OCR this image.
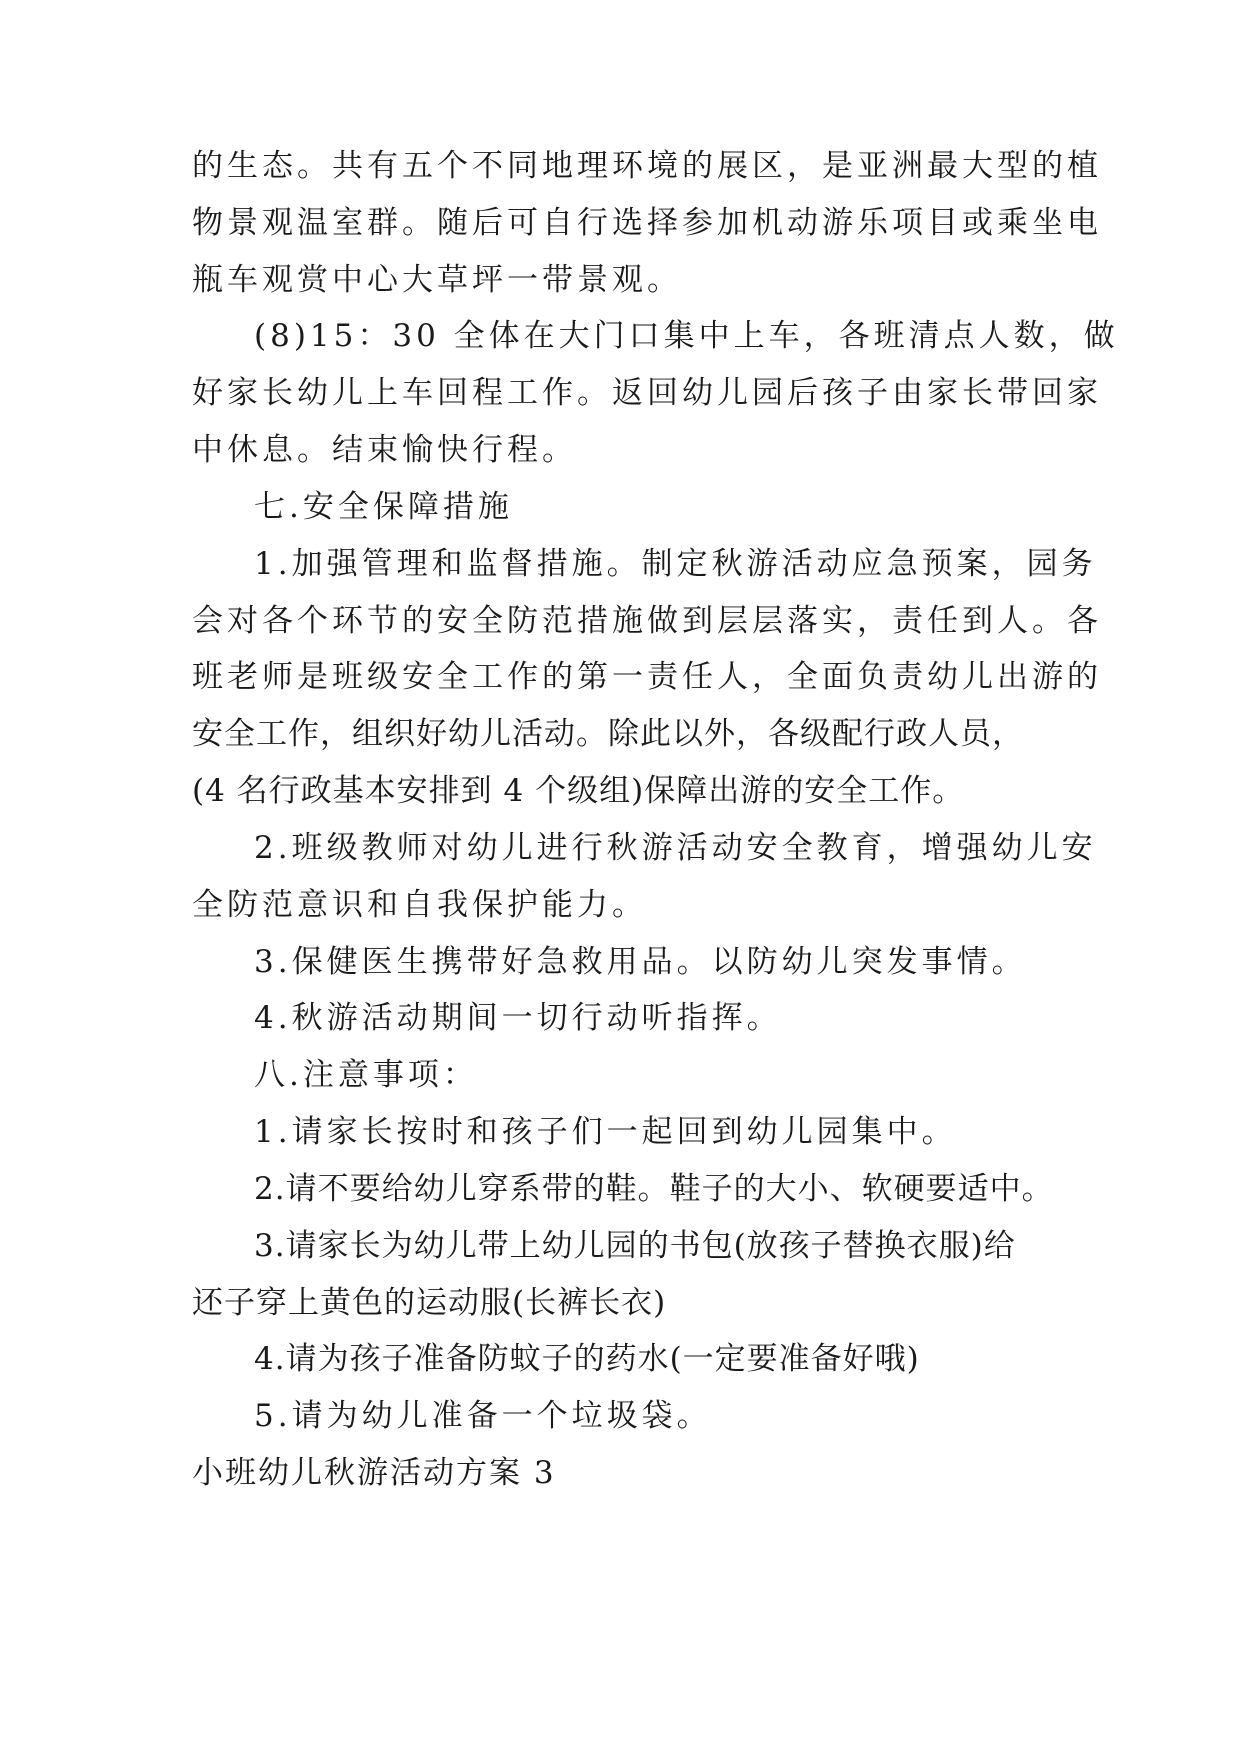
的生态。共有五个不同地理环境的展区，是亚洲最大型的植
物景观温室群。随后可自行选择参加机动游乐项目或乘坐电
瓶车观赏中心大草坪一带景观。
(8)15：30 全体在大门口集中上车，各班清点人数，做
好家长幼儿上车回程工作。返回幼儿园后孩子由家长带回家
中休息。结束愉快行程。
七.安全保障措施
1.加强管理和监督措施。制定秋游活动应急预案，园务
会对各个环节的安全防范措施做到层层落实，责任到人。各
班老师是班级安全工作的第一责任人，全面负责幼儿出游的
安全工作，组织好幼儿活动。除此以外，各级配行政人员，
(4 名行政基本安排到 4 个级组)保障出游的安全工作。
2.班级教师对幼儿进行秋游活动安全教育，增强幼儿安
全防范意识和自我保护能力。
3.保健医生携带好急救用品。以防幼儿突发事情。
4.秋游活动期间一切行动听指挥。
八.注意事项：
1.请家长按时和孩子们一起回到幼儿园集中。
2.请不要给幼儿穿系带的鞋。鞋子的大小、软硬要适中。
3.请家长为幼儿带上幼儿园的书包(放孩子替换衣服)给
还子穿上黄色的运动服(长裤长衣)
4.请为孩子准备防蚊子的药水(一定要准备好哦)
5.请为幼儿准备一个垃圾袋。
小班幼儿秋游活动方案 3
